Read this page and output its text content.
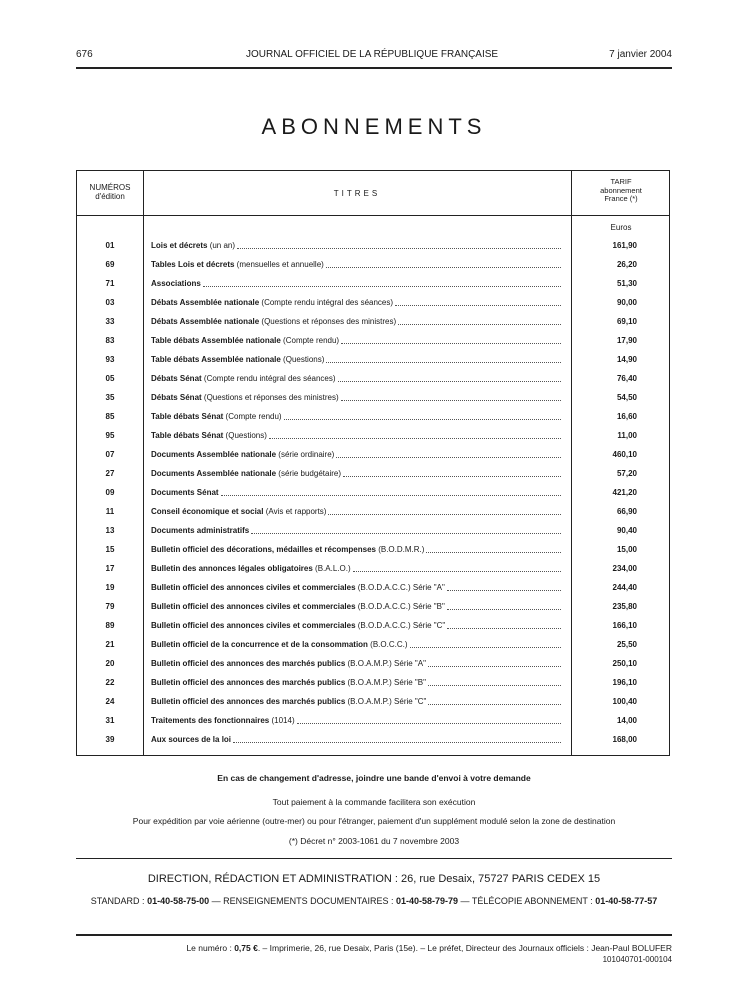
676	JOURNAL OFFICIEL DE LA RÉPUBLIQUE FRANÇAISE	7 janvier 2004
ABONNEMENTS
NUMÉROS
d'édition	TITRES
TARIF
abonnement
France (*)
Euros
01	Lois et décrets (un an)	161,90
69	Tables Lois et décrets (mensuelles et annuelle)	26,20
71	Associations	51,30
03	Débats Assemblée nationale (Compte rendu intégral des séances)	90,00
33	Débats Assemblée nationale (Questions et réponses des ministres)	69,10
83	Table débats Assemblée nationale (Compte rendu)	17,90
93	Table débats Assemblée nationale (Questions)	14,90
05	Débats Sénat (Compte rendu intégral des séances)	76,40
35	Débats Sénat (Questions et réponses des ministres)	54,50
85	Table débats Sénat (Compte rendu)	16,60
95	Table débats Sénat (Questions)	11,00
07	Documents Assemblée nationale (série ordinaire)	460,10
27	Documents Assemblée nationale (série budgétaire)	57,20
09	Documents Sénat	421,20
11	Conseil économique et social (Avis et rapports)	66,90
13	Documents administratifs	90,40
15	Bulletin officiel des décorations, médailles et récompenses (B.O.D.M.R.)	15,00
17	Bulletin des annonces légales obligatoires (B.A.L.O.)	234,00
19	Bulletin officiel des annonces civiles et commerciales (B.O.D.A.C.C.) Série "A"	244,40
79	Bulletin officiel des annonces civiles et commerciales (B.O.D.A.C.C.) Série "B"	235,80
89	Bulletin officiel des annonces civiles et commerciales (B.O.D.A.C.C.) Série "C"	166,10
21	Bulletin officiel de la concurrence et de la consommation (B.O.C.C.)	25,50
20	Bulletin officiel des annonces des marchés publics (B.O.A.M.P.) Série "A"	250,10
22	Bulletin officiel des annonces des marchés publics (B.O.A.M.P.) Série "B"	196,10
24	Bulletin officiel des annonces des marchés publics (B.O.A.M.P.) Série "C"	100,40
31	Traitements des fonctionnaires (1014)	14,00
39	Aux sources de la loi	168,00
En cas de changement d'adresse, joindre une bande d'envoi à votre demande
Tout paiement à la commande facilitera son exécution
Pour expédition par voie aérienne (outre-mer) ou pour l'étranger, paiement d'un supplément modulé selon la zone de destination
(*) Décret n° 2003-1061 du 7 novembre 2003
DIRECTION, RÉDACTION ET ADMINISTRATION : 26, rue Desaix, 75727 PARIS CEDEX 15
STANDARD : 01-40-58-75-00 — RENSEIGNEMENTS DOCUMENTAIRES : 01-40-58-79-79 — TÉLÉCOPIE ABONNEMENT : 01-40-58-77-57
Le numéro : 0,75 €. – Imprimerie, 26, rue Desaix, Paris (15e). – Le préfet, Directeur des Journaux officiels : Jean-Paul BOLUFER
101040701-000104
